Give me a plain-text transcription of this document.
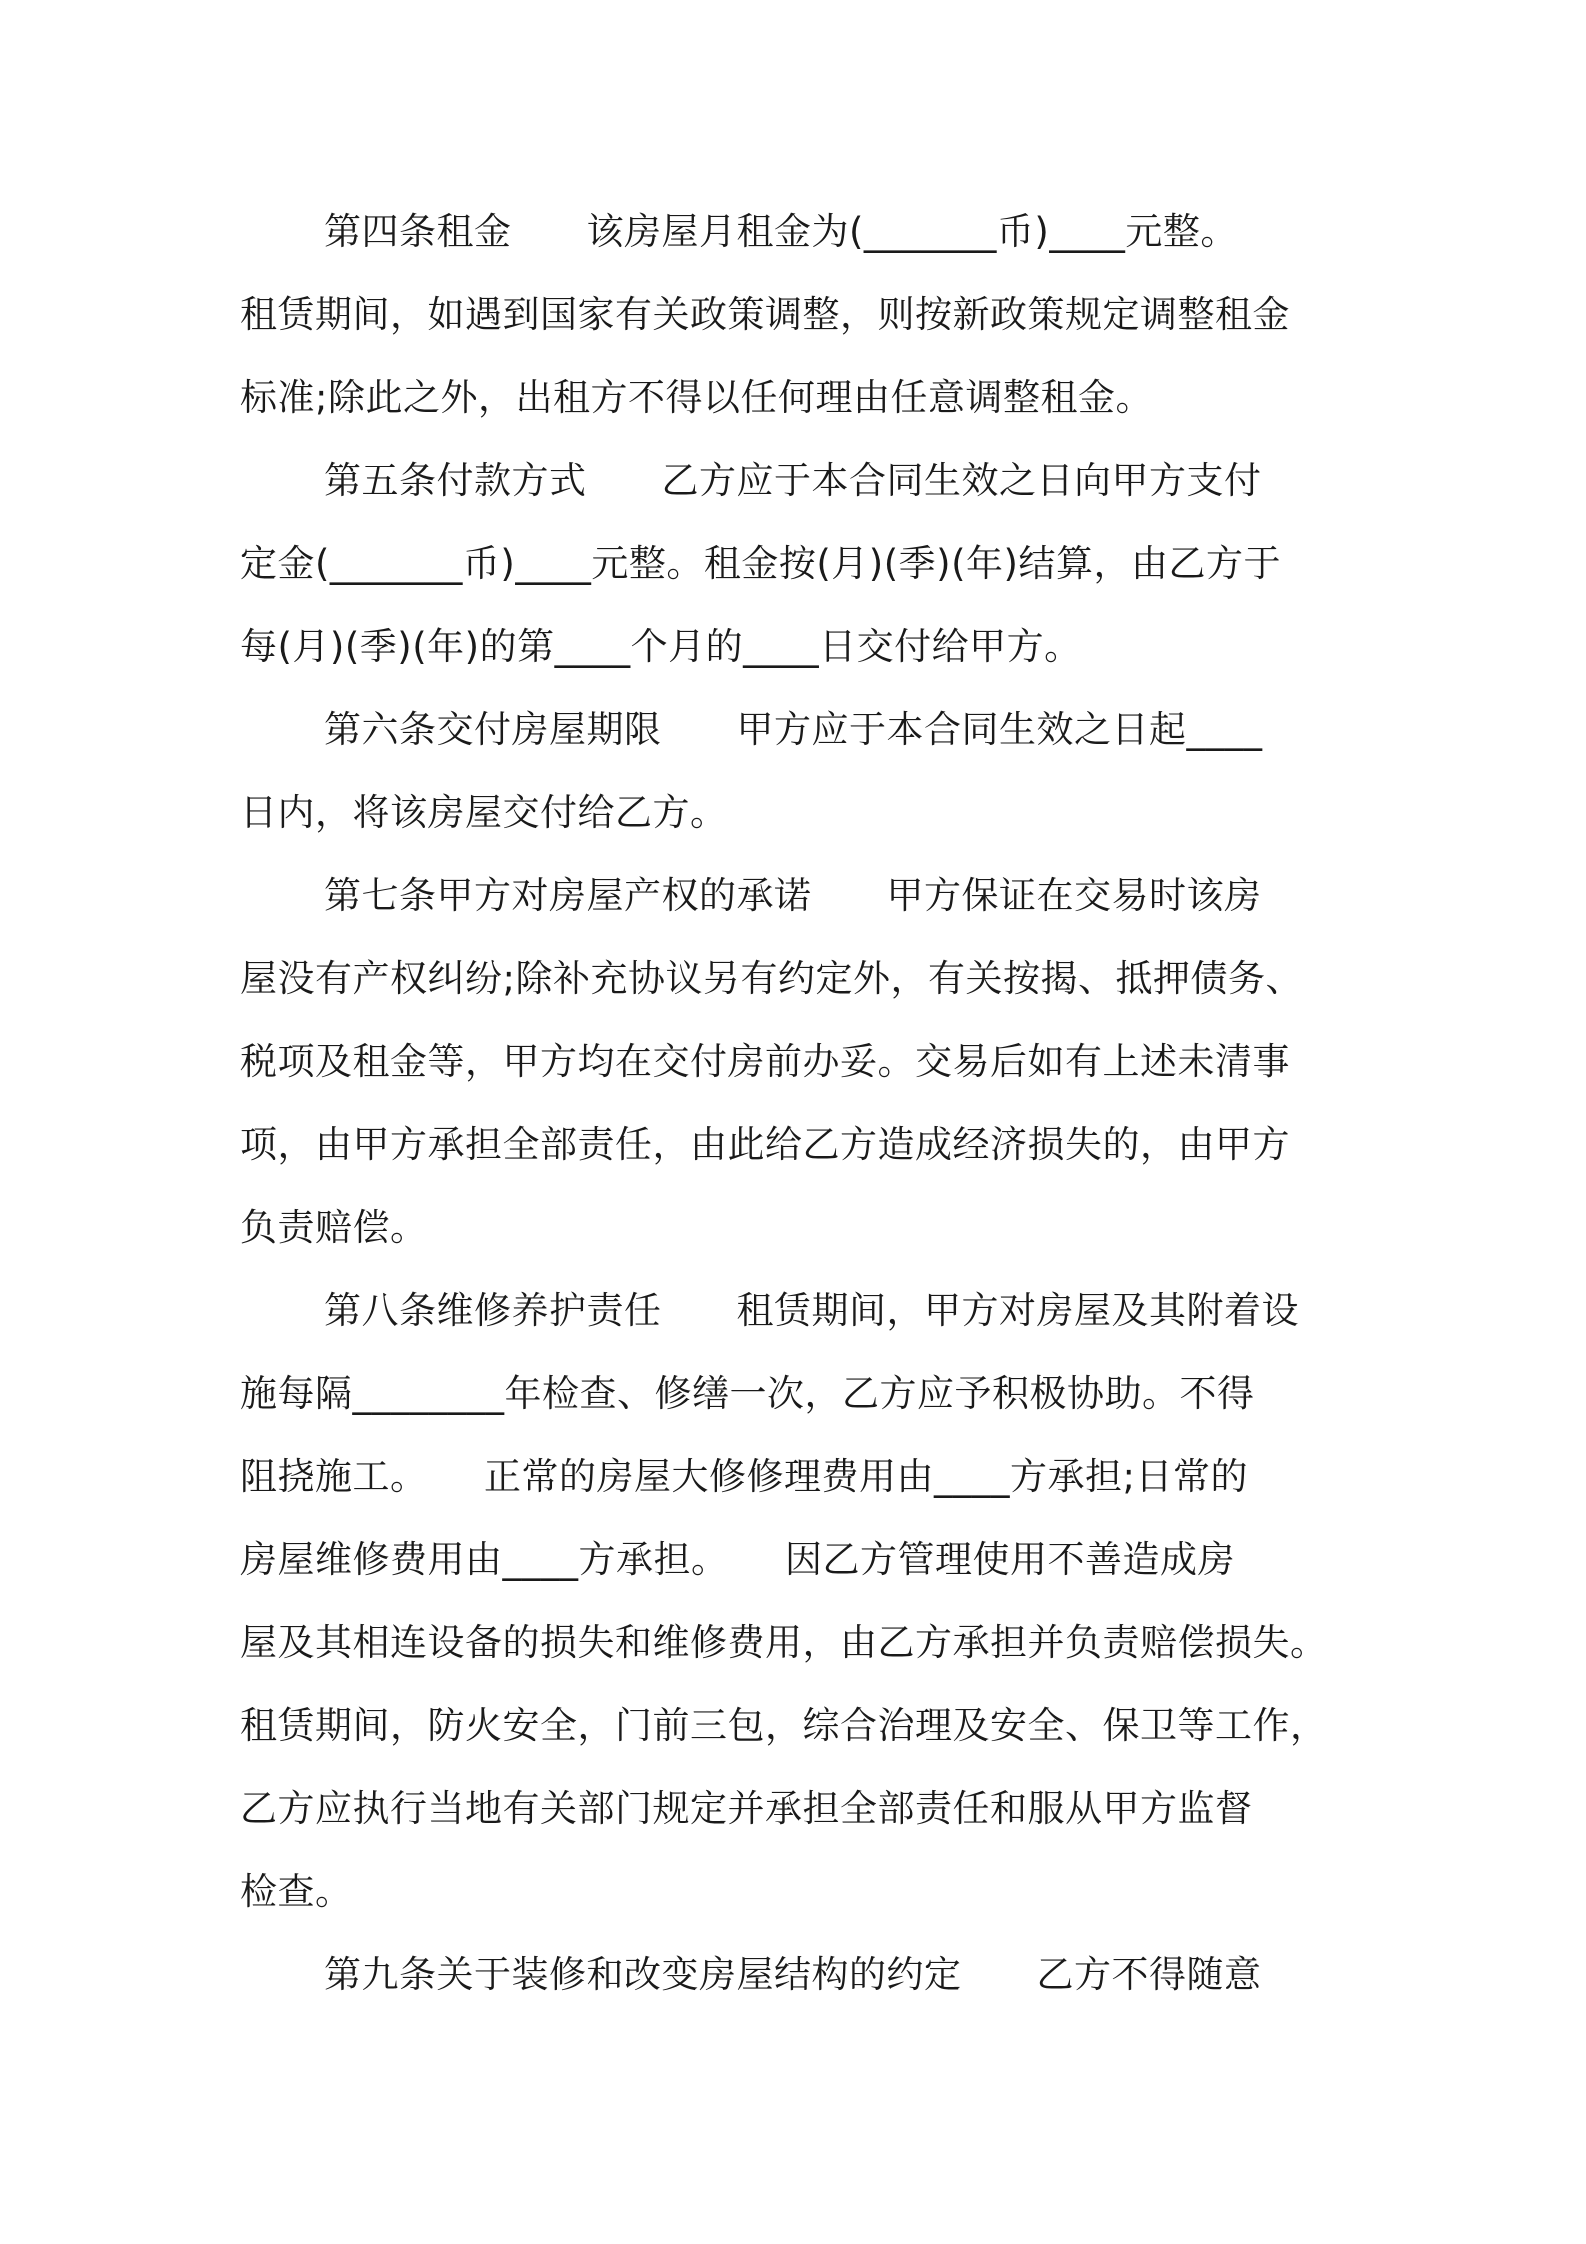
第四条租金　　该房屋月租金为(_______币)____元整。
租赁期间，如遇到国家有关政策调整，则按新政策规定调整租金
标准;除此之外，出租方不得以任何理由任意调整租金。
第五条付款方式　　乙方应于本合同生效之日向甲方支付
定金(_______币)____元整。租金按(月)(季)(年)结算，由乙方于
每(月)(季)(年)的第____个月的____日交付给甲方。
第六条交付房屋期限　　甲方应于本合同生效之日起____
日内，将该房屋交付给乙方。
第七条甲方对房屋产权的承诺　　甲方保证在交易时该房
屋没有产权纠纷;除补充协议另有约定外，有关按揭、抵押债务、
税项及租金等，甲方均在交付房前办妥。交易后如有上述未清事
项，由甲方承担全部责任，由此给乙方造成经济损失的，由甲方
负责赔偿。
第八条维修养护责任　　租赁期间，甲方对房屋及其附着设
施每隔________年检查、修缮一次，乙方应予积极协助。不得
阻挠施工。　　正常的房屋大修修理费用由____方承担;日常的
房屋维修费用由____方承担。　　因乙方管理使用不善造成房
屋及其相连设备的损失和维修费用，由乙方承担并负责赔偿损失。
租赁期间，防火安全，门前三包，综合治理及安全、保卫等工作，
乙方应执行当地有关部门规定并承担全部责任和服从甲方监督
检查。
第九条关于装修和改变房屋结构的约定　　乙方不得随意
